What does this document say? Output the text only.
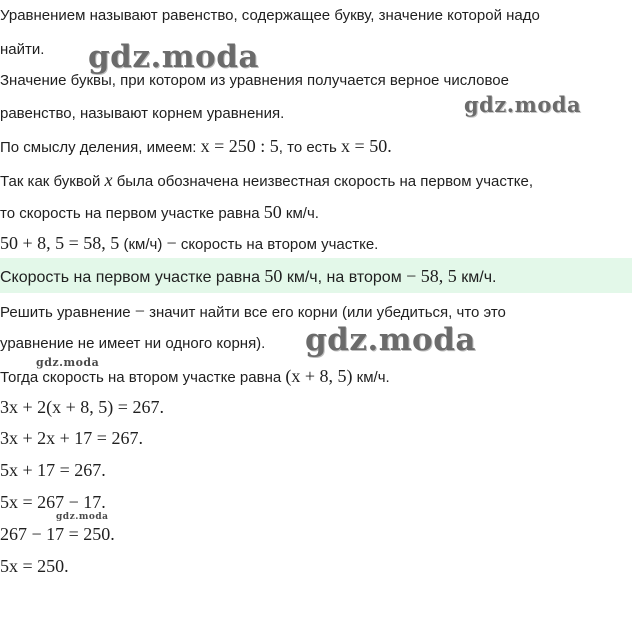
Уравнением называют равенство, содержащее букву, значение которой надо
найти.
Значение буквы, при котором из уравнения получается верное числовое
равенство, называют корнем уравнения.
По смыслу деления, имеем: x = 250 : 5, то есть x = 50.
Так как буквой x была обозначена неизвестная скорость на первом участке,
то скорость на первом участке равна 50 км/ч.
50 + 8, 5 = 58, 5 (км/ч) − скорость на втором участке.
Скорость на первом участке равна 50 км/ч, на втором − 58, 5 км/ч.
Решить уравнение − значит найти все его корни (или убедиться, что это
уравнение не имеет ни одного корня).
Тогда скорость на втором участке равна (x + 8, 5) км/ч.
3x + 2(x + 8, 5) = 267.
3x + 2x + 17 = 267.
5x + 17 = 267.
5x = 267 − 17.
267 − 17 = 250.
5x = 250.
gdz.moda
gdz.moda
gdz.moda
gdz.moda
gdz.moda
